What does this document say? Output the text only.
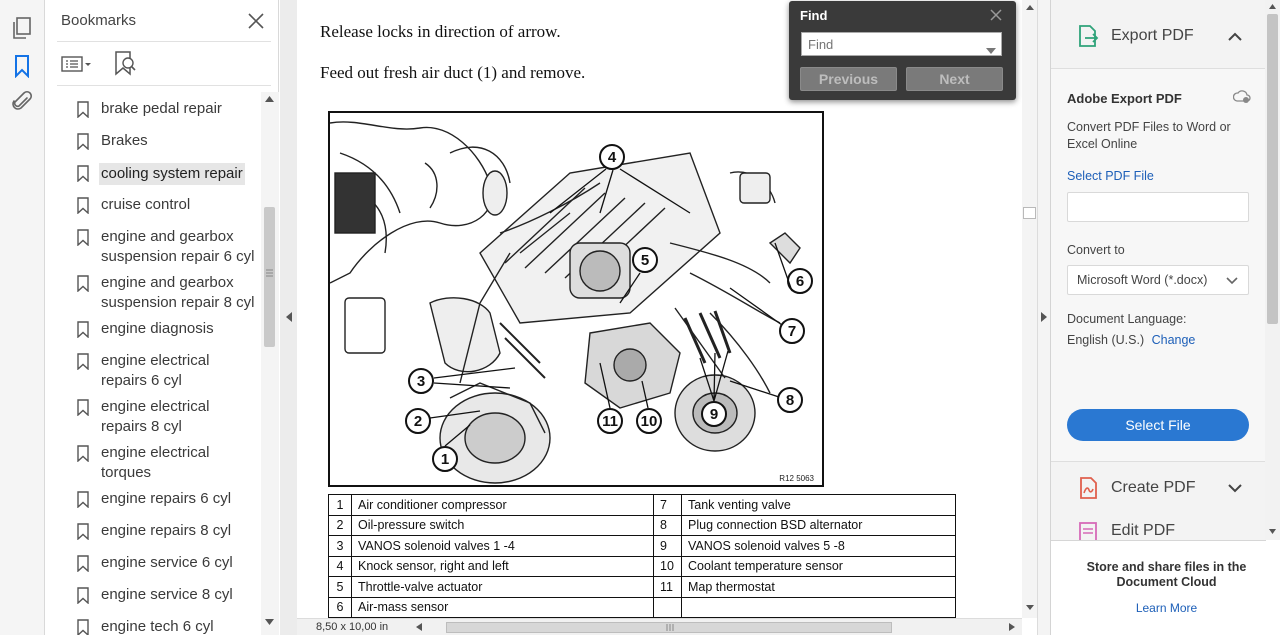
Bookmarks
brake pedal repair
Brakes
cooling system repair
cruise control
engine and gearbox suspension repair 6 cyl
engine and gearbox suspension repair 8 cyl
engine diagnosis
engine electrical repairs 6 cyl
engine electrical repairs 8 cyl
engine electrical torques
engine repairs 6 cyl
engine repairs 8 cyl
engine service 6 cyl
engine service 8 cyl
engine tech 6 cyl
Release locks in direction of arrow.
Feed out fresh air duct (1) and remove.
4
5
6
7
3
8
9
2	11	10
1
R12 5063
1	Air conditioner compressor	7	Tank venting valve
2	Oil-pressure switch	8	Plug connection BSD alternator
3	VANOS solenoid valves 1 -4	9	VANOS solenoid valves 5 -8
4	Knock sensor, right and left	10	Coolant temperature sensor
5	Throttle-valve actuator	11	Map thermostat
6	Air-mass sensor		
8,50 x 10,00 in
Find
Find
Previous	Next
Export PDF
Adobe Export PDF
Convert PDF Files to Word or Excel Online
Select PDF File
Convert to
Microsoft Word (*.docx)
Document Language:
English (U.S.) Change
Select File
Create PDF
Edit PDF
Store and share files in the Document Cloud
Learn More
